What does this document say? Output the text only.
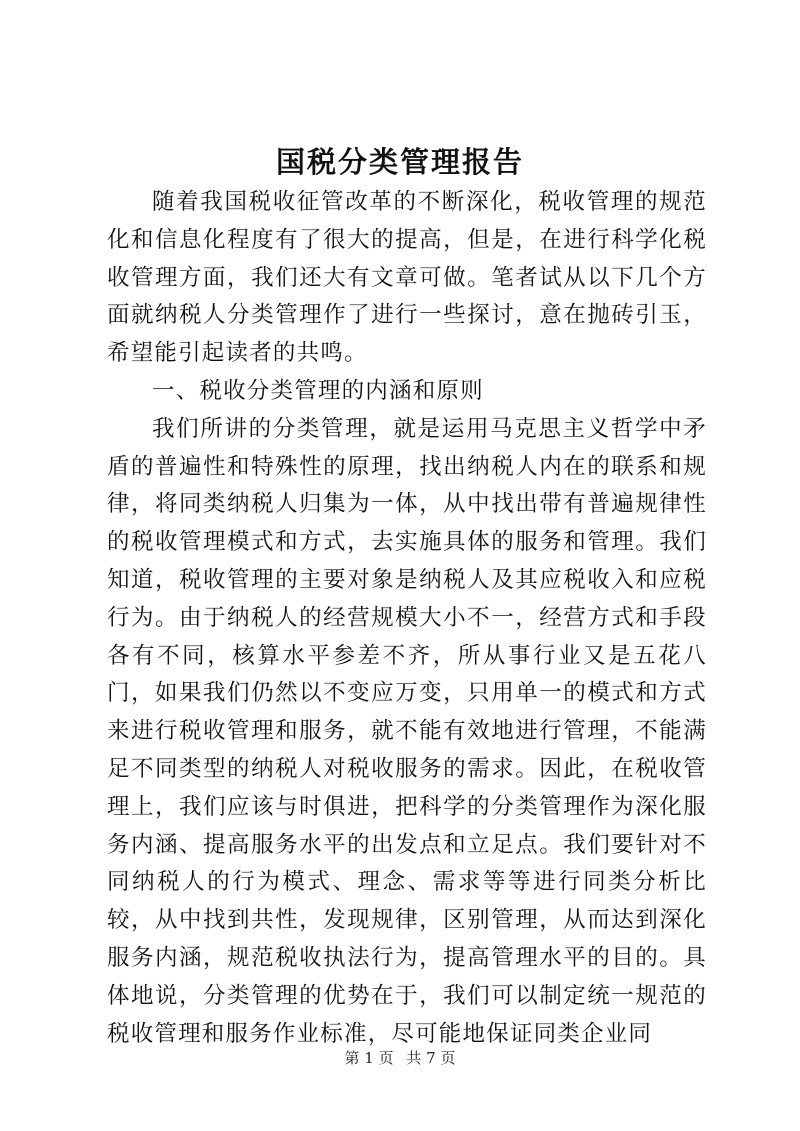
国税分类管理报告

随着我国税收征管改革的不断深化，税收管理的规范化和信息化程度有了很大的提高，但是，在进行科学化税收管理方面，我们还大有文章可做。笔者试从以下几个方面就纳税人分类管理作了进行一些探讨，意在抛砖引玉，希望能引起读者的共鸣。

一、税收分类管理的内涵和原则

我们所讲的分类管理，就是运用马克思主义哲学中矛盾的普遍性和特殊性的原理，找出纳税人内在的联系和规律，将同类纳税人归集为一体，从中找出带有普遍规律性的税收管理模式和方式，去实施具体的服务和管理。我们知道，税收管理的主要对象是纳税人及其应税收入和应税行为。由于纳税人的经营规模大小不一，经营方式和手段各有不同，核算水平参差不齐，所从事行业又是五花八门，如果我们仍然以不变应万变，只用单一的模式和方式来进行税收管理和服务，就不能有效地进行管理，不能满足不同类型的纳税人对税收服务的需求。因此，在税收管理上，我们应该与时俱进，把科学的分类管理作为深化服务内涵、提高服务水平的出发点和立足点。我们要针对不同纳税人的行为模式、理念、需求等等进行同类分析比较，从中找到共性，发现规律，区别管理，从而达到深化服务内涵，规范税收执法行为，提高管理水平的目的。具体地说，分类管理的优势在于，我们可以制定统一规范的税收管理和服务作业标准，尽可能地保证同类企业同

第 1 页 共 7 页
